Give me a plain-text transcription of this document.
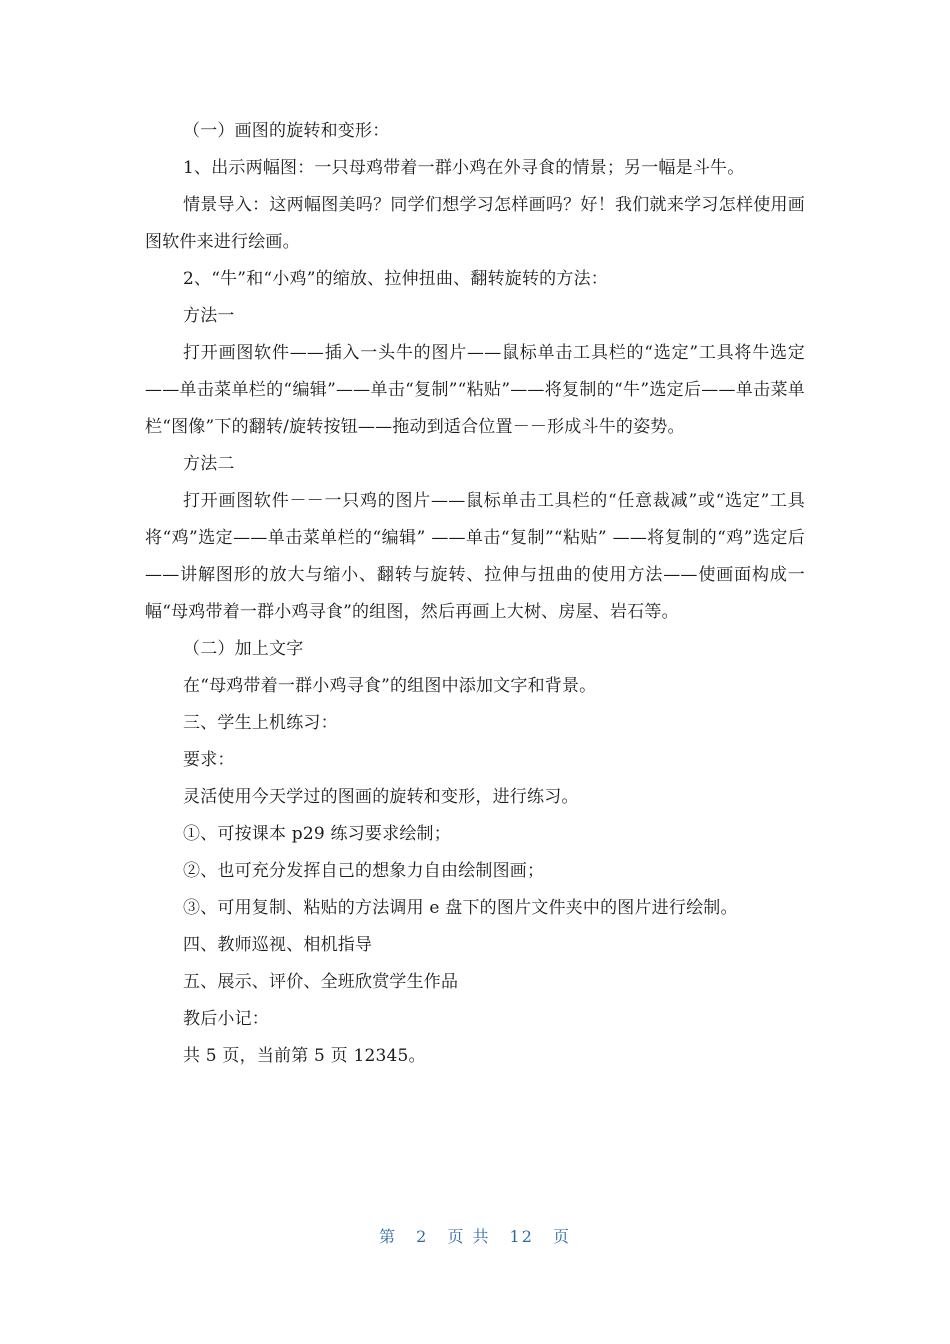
（一）画图的旋转和变形：

1、出示两幅图：一只母鸡带着一群小鸡在外寻食的情景；另一幅是斗牛。

情景导入：这两幅图美吗？同学们想学习怎样画吗？好！我们就来学习怎样使用画图软件来进行绘画。

2、“牛”和“小鸡”的缩放、拉伸扭曲、翻转旋转的方法：

方法一

打开画图软件——插入一头牛的图片——鼠标单击工具栏的“选定”工具将牛选定——单击菜单栏的“编辑”——单击“复制”“粘贴”——将复制的“牛”选定后——单击菜单栏“图像”下的翻转/旋转按钮——拖动到适合位置－－形成斗牛的姿势。

方法二

打开画图软件－－一只鸡的图片——鼠标单击工具栏的“任意裁减”或“选定”工具将“鸡”选定——单击菜单栏的“编辑” ——单击“复制”“粘贴” ——将复制的“鸡”选定后——讲解图形的放大与缩小、翻转与旋转、拉伸与扭曲的使用方法——使画面构成一幅“母鸡带着一群小鸡寻食”的组图，然后再画上大树、房屋、岩石等。

（二）加上文字

在“母鸡带着一群小鸡寻食”的组图中添加文字和背景。

三、学生上机练习：

要求：

灵活使用今天学过的图画的旋转和变形，进行练习。

①、可按课本 p29 练习要求绘制；

②、也可充分发挥自己的想象力自由绘制图画；

③、可用复制、粘贴的方法调用 e 盘下的图片文件夹中的图片进行绘制。

四、教师巡视、相机指导

五、展示、评价、全班欣赏学生作品

教后小记：

共 5 页，当前第 5 页 12345。

第 2 页 共 12 页
